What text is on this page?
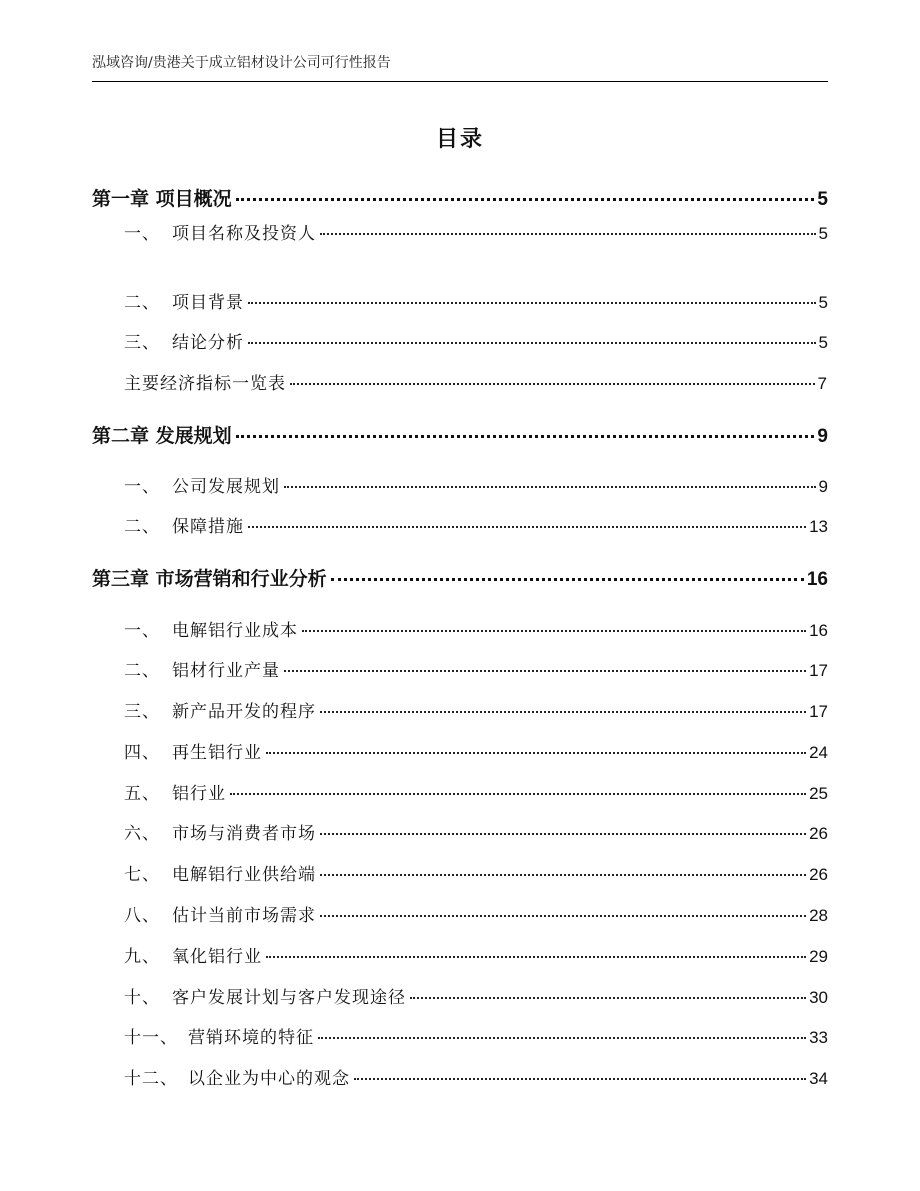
泓域咨询/贵港关于成立铝材设计公司可行性报告
目录
第一章 项目概况	5
一、 项目名称及投资人	5
二、 项目背景	5
三、 结论分析	5
主要经济指标一览表	7
第二章 发展规划	9
一、 公司发展规划	9
二、 保障措施	13
第三章 市场营销和行业分析	16
一、 电解铝行业成本	16
二、 铝材行业产量	17
三、 新产品开发的程序	17
四、 再生铝行业	24
五、 铝行业	25
六、 市场与消费者市场	26
七、 电解铝行业供给端	26
八、 估计当前市场需求	28
九、 氧化铝行业	29
十、 客户发展计划与客户发现途径	30
十一、 营销环境的特征	33
十二、 以企业为中心的观念	34
